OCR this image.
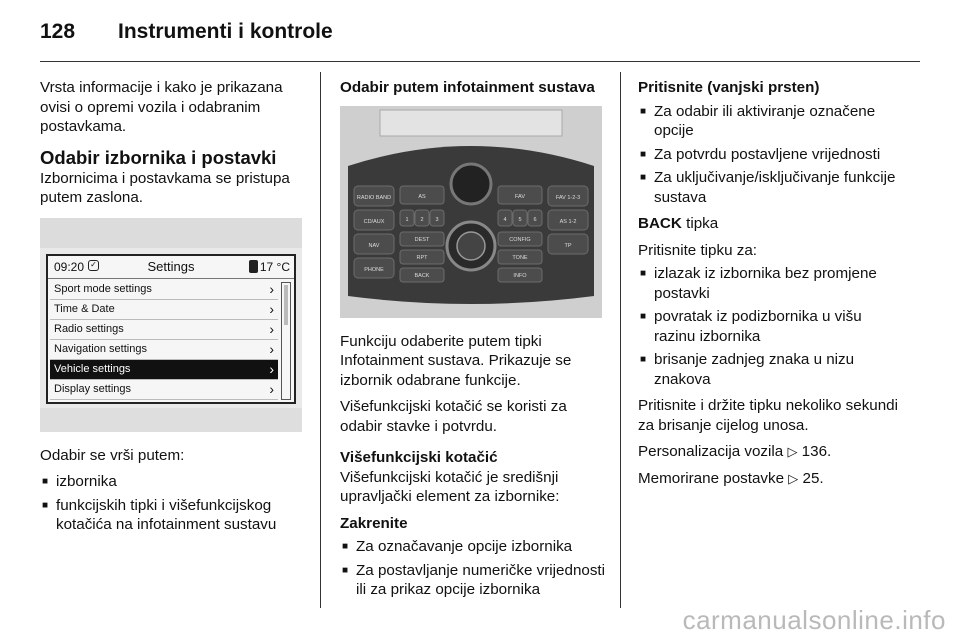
128	Instrumenti i kontrole

Vrsta informacije i kako je prikazana ovisi o opremi vozila i odabranim postavkama.

Odabir izbornika i postavki

Izbornicima i postavkama se pristupa putem zaslona.

09:20 ✓	Settings	17 °C
Sport mode settings	›
Time & Date	›
Radio settings	›
Navigation settings	›
Vehicle settings	›
Display settings	›

Odabir se vrši putem:

■ izbornika
■ funkcijskih tipki i višefunkcijskog kotačića na infotainment sustavu

Odabir putem infotainment sustava

RADIO BAND
CD/AUX
NAV
PHONE
FAV 1-2-3
AS 1-2
TP
AS	FAV
1 2 3	4 5 6
DEST
RPT
BACK
CONFIG
TONE
INFO

Funkciju odaberite putem tipki Infotainment sustava. Prikazuje se izbornik odabrane funkcije.

Višefunkcijski kotačić se koristi za odabir stavke i potvrdu.

Višefunkcijski kotačić

Višefunkcijski kotačić je središnji upravljački element za izbornike:

Zakrenite

■ Za označavanje opcije izbornika
■ Za postavljanje numeričke vrijednosti ili za prikaz opcije izbornika

Pritisnite (vanjski prsten)

■ Za odabir ili aktiviranje označene opcije
■ Za potvrdu postavljene vrijednosti
■ Za uključivanje/isključivanje funkcije sustava

BACK tipka

Pritisnite tipku za:

■ izlazak iz izbornika bez promjene postavki
■ povratak iz podizbornika u višu razinu izbornika
■ brisanje zadnjeg znaka u nizu znakova

Pritisnite i držite tipku nekoliko sekundi za brisanje cijelog unosa.

Personalizacija vozila ▷ 136.

Memorirane postavke ▷ 25.

carmanualsonline.info
